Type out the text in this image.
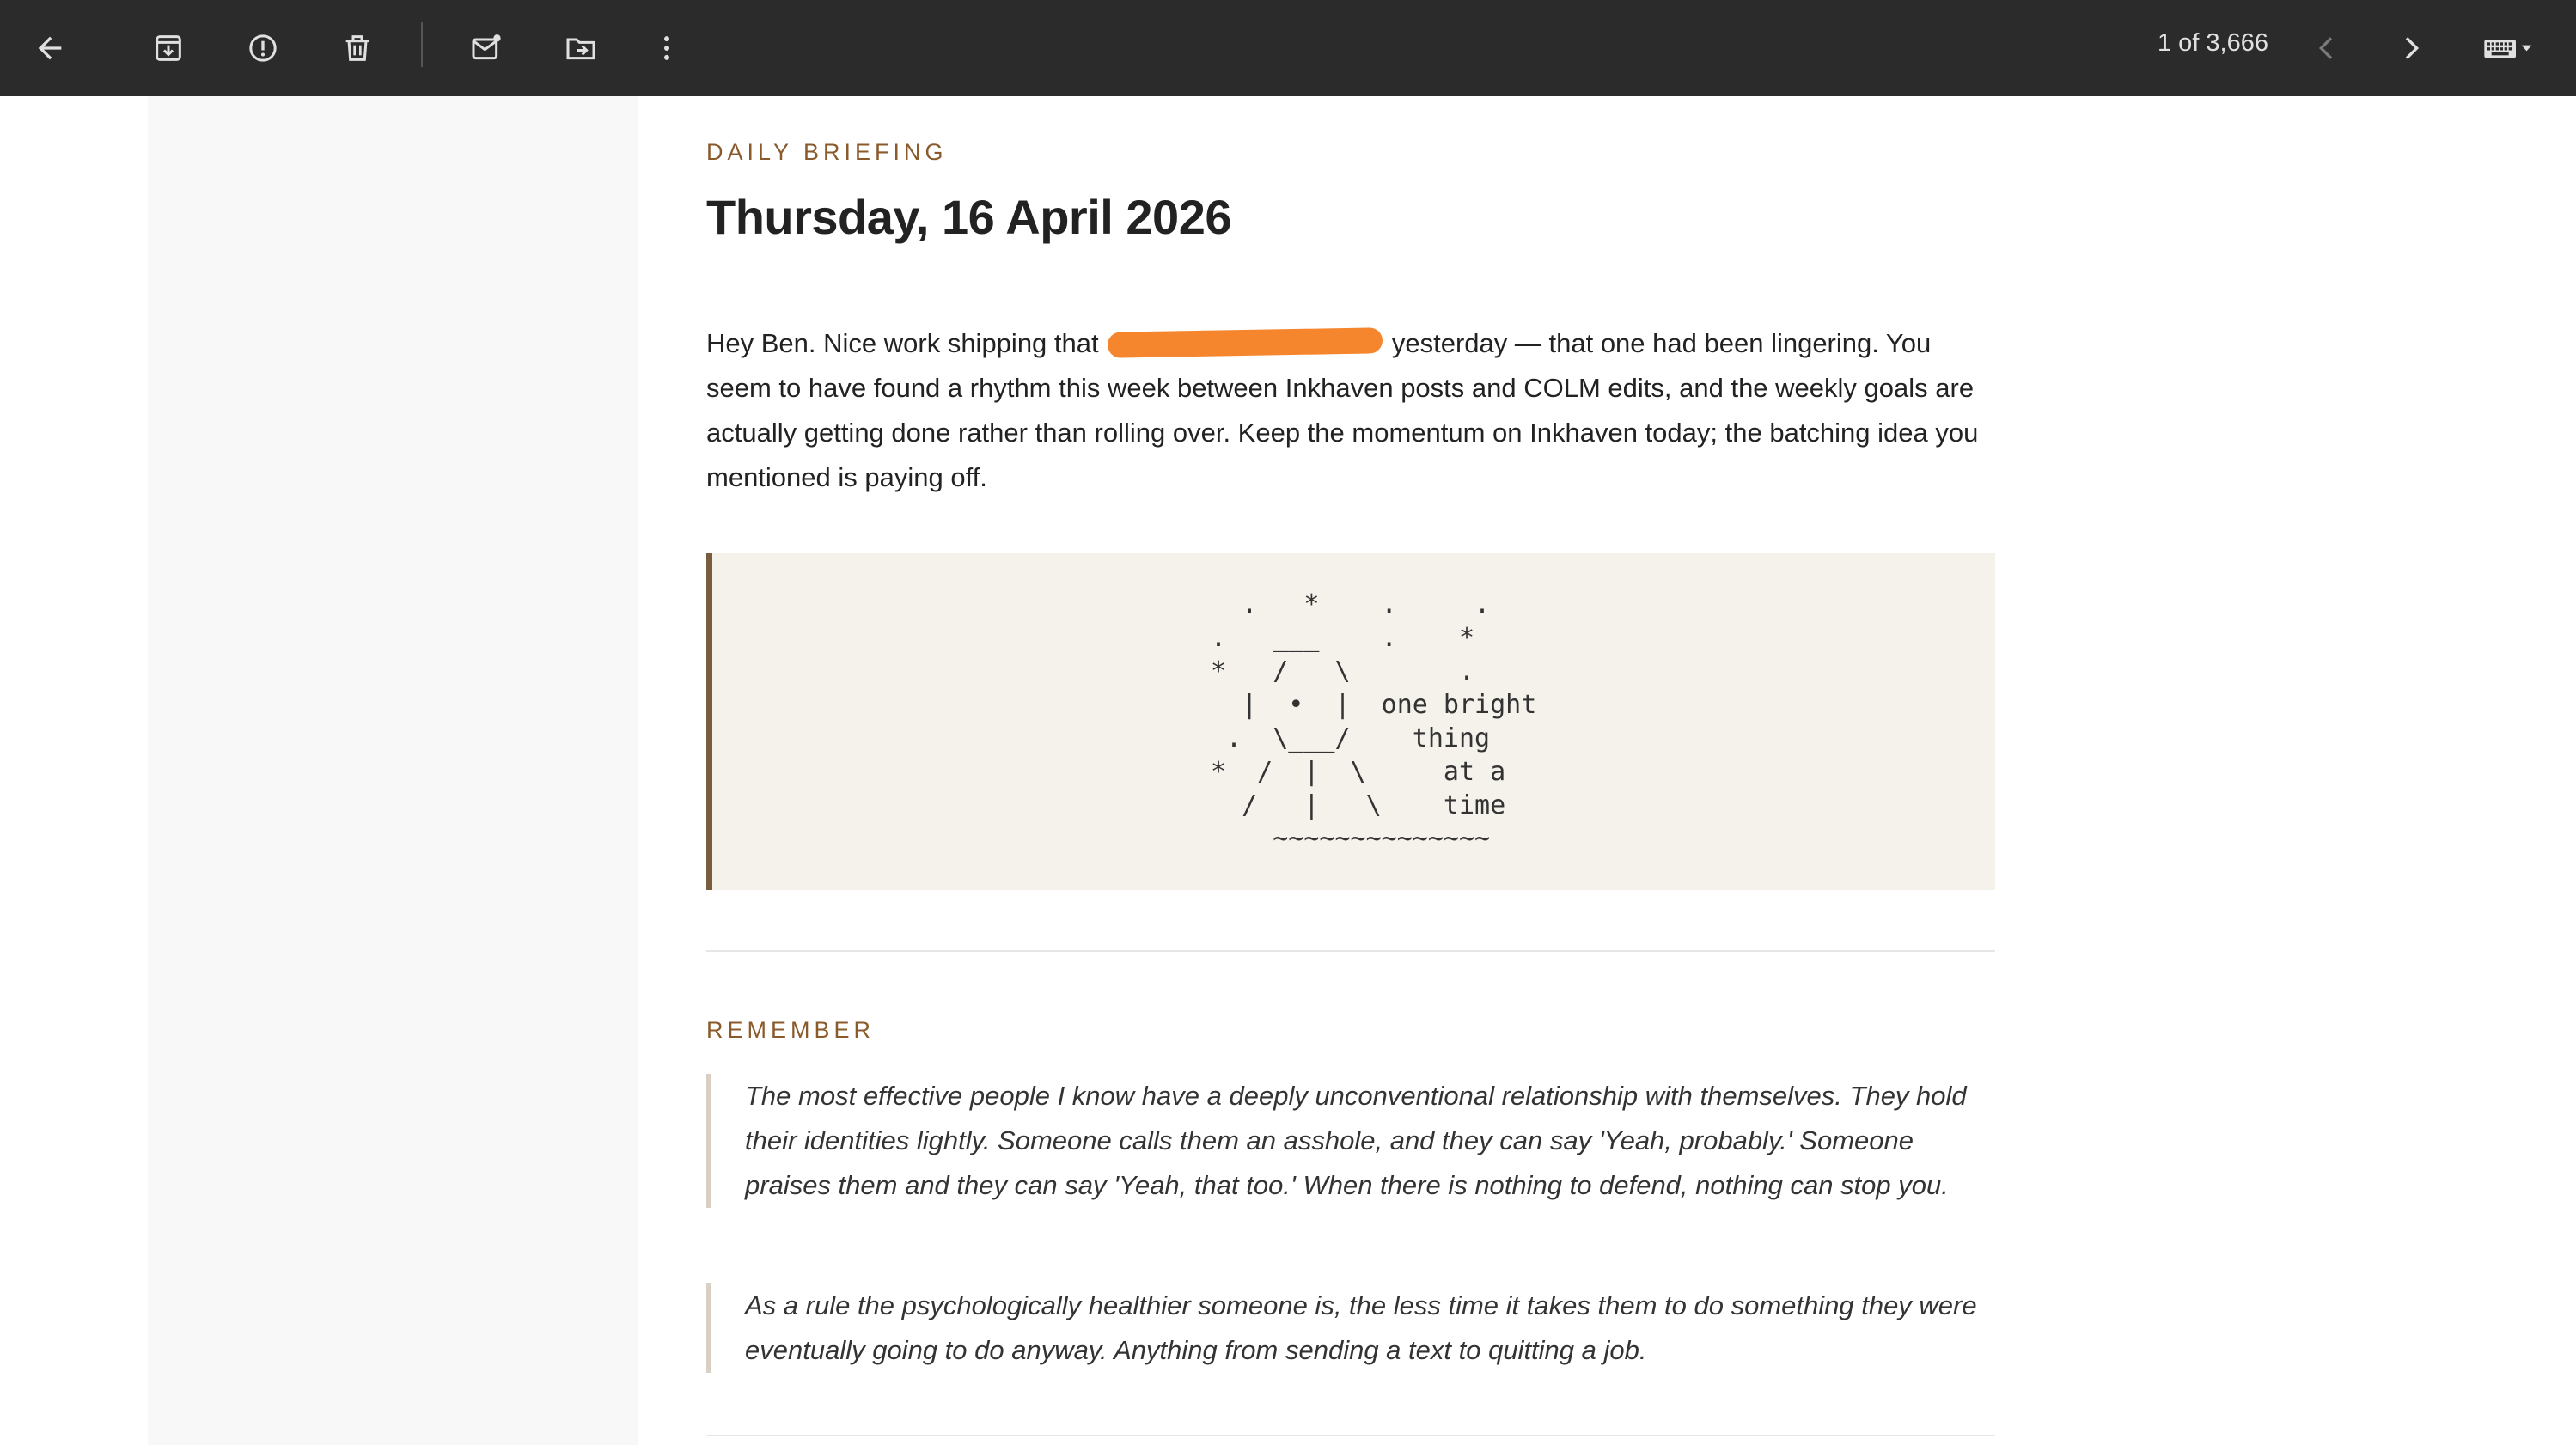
1 of 3,666
DAILY BRIEFING
Thursday, 16 April 2026
Hey Ben. Nice work shipping that	yesterday — that one had been lingering. You seem to have found a rhythm this week between Inkhaven posts and COLM edits, and the weekly goals are actually getting done rather than rolling over. Keep the momentum on Inkhaven today; the batching idea you mentioned is paying off.
.   *    .     .
.   ___    .    *
*   /   \       .
|  •  |  one bright
.  \___/    thing
*  /  |  \     at a
/   |   \    time
~~~~~~~~~~~~~~
REMEMBER
The most effective people I know have a deeply unconventional relationship with themselves. They hold their identities lightly. Someone calls them an asshole, and they can say 'Yeah, probably.' Someone praises them and they can say 'Yeah, that too.' When there is nothing to defend, nothing can stop you.
As a rule the psychologically healthier someone is, the less time it takes them to do something they were eventually going to do anyway. Anything from sending a text to quitting a job.
